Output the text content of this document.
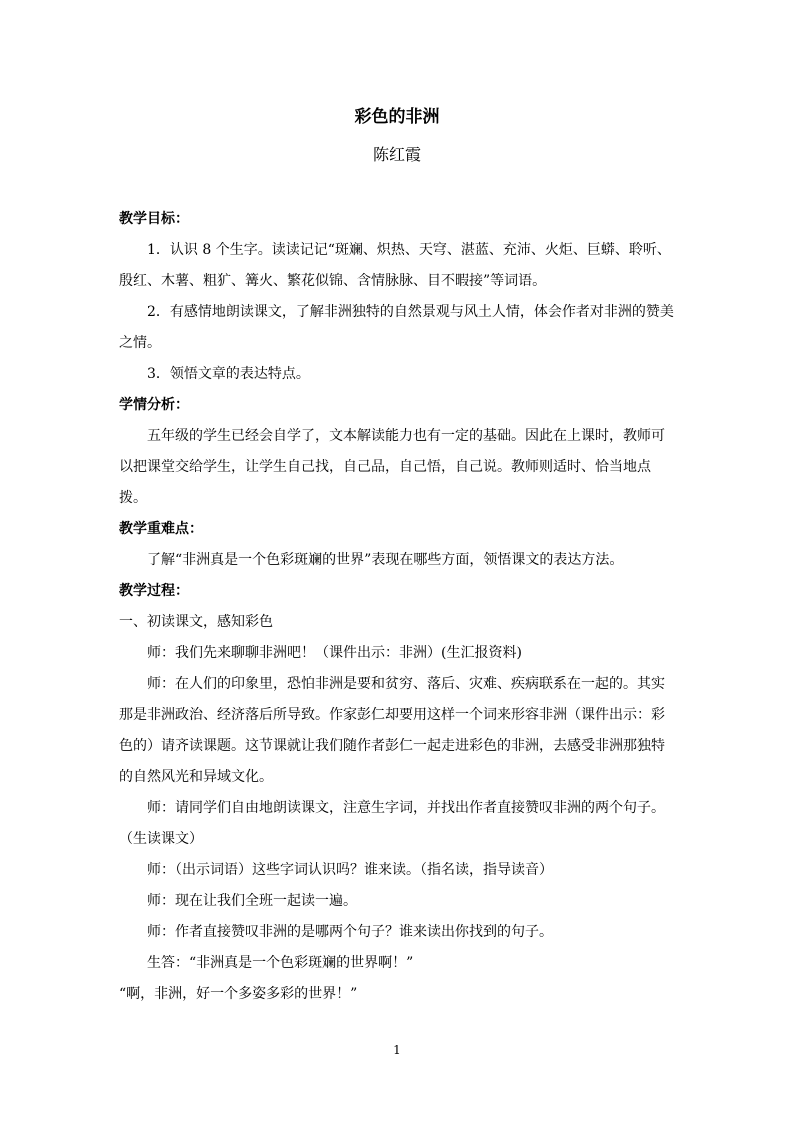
彩色的非洲
陈红霞

教学目标：

1．认识 8 个生字。读读记记“斑斓、炽热、天穹、湛蓝、充沛、火炬、巨蟒、聆听、殷红、木薯、粗犷、篝火、繁花似锦、含情脉脉、目不暇接”等词语。

2．有感情地朗读课文，了解非洲独特的自然景观与风土人情，体会作者对非洲的赞美之情。

3．领悟文章的表达特点。

学情分析：

五年级的学生已经会自学了，文本解读能力也有一定的基础。因此在上课时，教师可以把课堂交给学生，让学生自己找，自己品，自己悟，自己说。教师则适时、恰当地点拨。

教学重难点：

了解“非洲真是一个色彩斑斓的世界”表现在哪些方面，领悟课文的表达方法。

教学过程：

一、初读课文，感知彩色

师：我们先来聊聊非洲吧！（课件出示：非洲）(生汇报资料)

师：在人们的印象里，恐怕非洲是要和贫穷、落后、灾难、疾病联系在一起的。其实那是非洲政治、经济落后所导致。作家彭仁却要用这样一个词来形容非洲（课件出示：彩色的）请齐读课题。这节课就让我们随作者彭仁一起走进彩色的非洲，去感受非洲那独特的自然风光和异域文化。

师：请同学们自由地朗读课文，注意生字词，并找出作者直接赞叹非洲的两个句子。

（生读课文）

师：（出示词语）这些字词认识吗？谁来读。（指名读，指导读音）

师：现在让我们全班一起读一遍。

师：作者直接赞叹非洲的是哪两个句子？谁来读出你找到的句子。

生答：“非洲真是一个色彩斑斓的世界啊！”

“啊，非洲，好一个多姿多彩的世界！”

1
